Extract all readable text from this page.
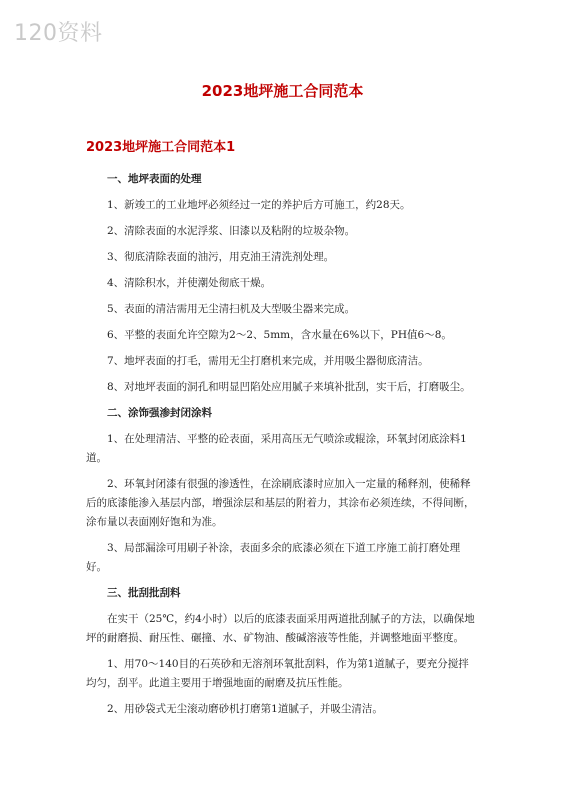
120资料
2023地坪施工合同范本
2023地坪施工合同范本1
一、地坪表面的处理
1、新竣工的工业地坪必须经过一定的养护后方可施工，约28天。
2、清除表面的水泥浮浆、旧漆以及粘附的垃圾杂物。
3、彻底清除表面的油污，用克油王清洗剂处理。
4、清除积水，并使潮处彻底干燥。
5、表面的清洁需用无尘清扫机及大型吸尘器来完成。
6、平整的表面允许空隙为2～2、5mm，含水量在6%以下，PH值6～8。
7、地坪表面的打毛，需用无尘打磨机来完成，并用吸尘器彻底清洁。
8、对地坪表面的洞孔和明显凹陷处应用腻子来填补批刮，实干后，打磨吸尘。
二、涂饰强渗封闭涂料
1、在处理清洁、平整的砼表面，采用高压无气喷涂或辊涂，环氧封闭底涂料1道。
2、环氧封闭漆有很强的渗透性，在涂刷底漆时应加入一定量的稀释剂，使稀释后的底漆能渗入基层内部，增强涂层和基层的附着力，其涂布必须连续，不得间断，涂布量以表面刚好饱和为准。
3、局部漏涂可用刷子补涂，表面多余的底漆必须在下道工序施工前打磨处理好。
三、批刮批刮料
在实干（25℃，约4小时）以后的底漆表面采用两道批刮腻子的方法，以确保地坪的耐磨损、耐压性、碾撞、水、矿物油、酸碱溶液等性能，并调整地面平整度。
1、用70～140目的石英砂和无溶剂环氧批刮料，作为第1道腻子，要充分搅拌均匀，刮平。此道主要用于增强地面的耐磨及抗压性能。
2、用砂袋式无尘滚动磨砂机打磨第1道腻子，并吸尘清洁。
